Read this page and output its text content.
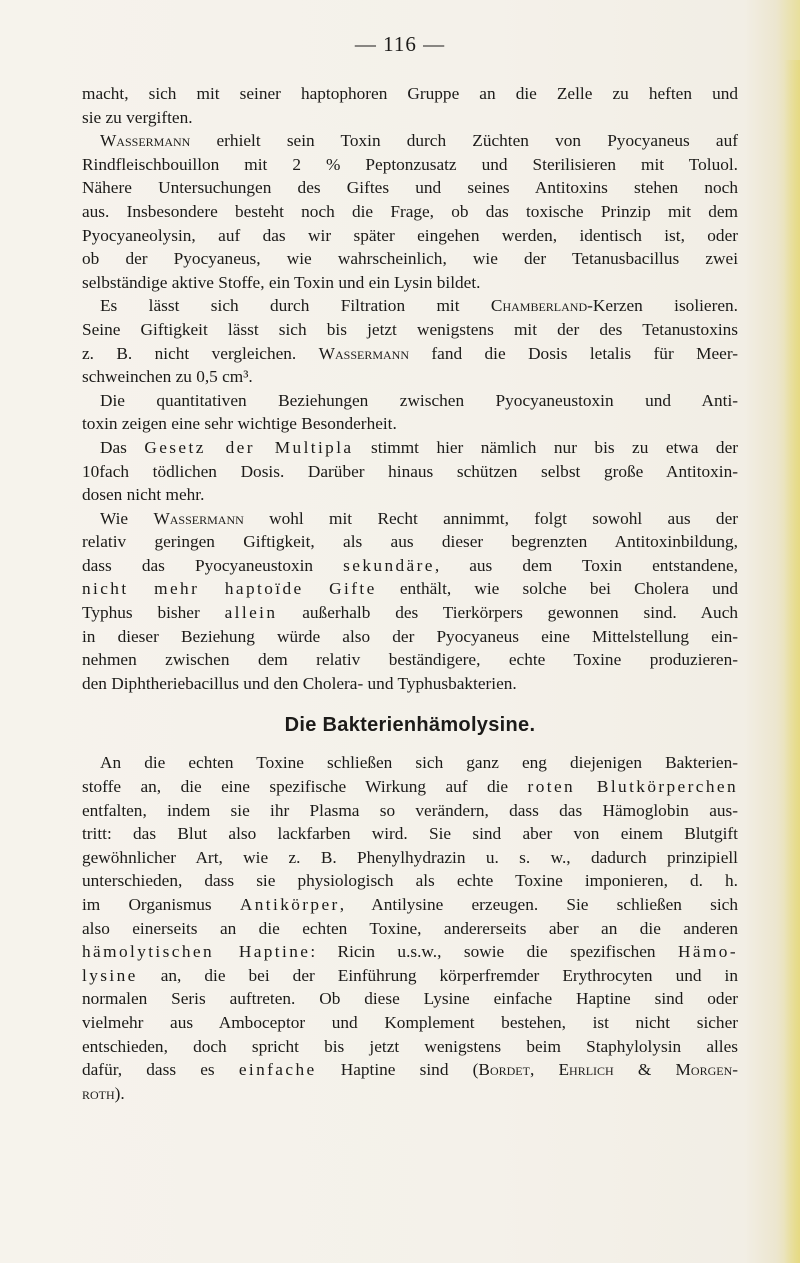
— 116 —
macht, sich mit seiner haptophoren Gruppe an die Zelle zu heften und
sie zu vergiften.
Wassermann erhielt sein Toxin durch Züchten von Pyocyaneus auf
Rindfleischbouillon mit 2 % Peptonzusatz und Sterilisieren mit Toluol.
Nähere Untersuchungen des Giftes und seines Antitoxins stehen noch
aus. Insbesondere besteht noch die Frage, ob das toxische Prinzip mit dem
Pyocyaneolysin, auf das wir später eingehen werden, identisch ist, oder
ob der Pyocyaneus, wie wahrscheinlich, wie der Tetanusbacillus zwei
selbständige aktive Stoffe, ein Toxin und ein Lysin bildet.
Es lässt sich durch Filtration mit Chamberland-Kerzen isolieren.
Seine Giftigkeit lässt sich bis jetzt wenigstens mit der des Tetanustoxins
z. B. nicht vergleichen. Wassermann fand die Dosis letalis für Meer-
schweinchen zu 0,5 cm³.
Die quantitativen Beziehungen zwischen Pyocyaneustoxin und Anti-
toxin zeigen eine sehr wichtige Besonderheit.
Das Gesetz der Multipla stimmt hier nämlich nur bis zu etwa der
10fach tödlichen Dosis. Darüber hinaus schützen selbst große Antitoxin-
dosen nicht mehr.
Wie Wassermann wohl mit Recht annimmt, folgt sowohl aus der
relativ geringen Giftigkeit, als aus dieser begrenzten Antitoxinbildung,
dass das Pyocyaneustoxin sekundäre, aus dem Toxin entstandene,
nicht mehr haptoïde Gifte enthält, wie solche bei Cholera und
Typhus bisher allein außerhalb des Tierkörpers gewonnen sind. Auch
in dieser Beziehung würde also der Pyocyaneus eine Mittelstellung ein-
nehmen zwischen dem relativ beständigere, echte Toxine produzieren-
den Diphtheriebacillus und den Cholera- und Typhusbakterien.
Die Bakterienhämolysine.
An die echten Toxine schließen sich ganz eng diejenigen Bakterien-
stoffe an, die eine spezifische Wirkung auf die roten Blutkörperchen
entfalten, indem sie ihr Plasma so verändern, dass das Hämoglobin aus-
tritt: das Blut also lackfarben wird. Sie sind aber von einem Blutgift
gewöhnlicher Art, wie z. B. Phenylhydrazin u. s. w., dadurch prinzipiell
unterschieden, dass sie physiologisch als echte Toxine imponieren, d. h.
im Organismus Antikörper, Antilysine erzeugen. Sie schließen sich
also einerseits an die echten Toxine, andererseits aber an die anderen
hämolytischen Haptine: Ricin u.s.w., sowie die spezifischen Hämo-
lysine an, die bei der Einführung körperfremder Erythrocyten und in
normalen Seris auftreten. Ob diese Lysine einfache Haptine sind oder
vielmehr aus Amboceptor und Komplement bestehen, ist nicht sicher
entschieden, doch spricht bis jetzt wenigstens beim Staphylolysin alles
dafür, dass es einfache Haptine sind (Bordet, Ehrlich & Morgen-
roth).
